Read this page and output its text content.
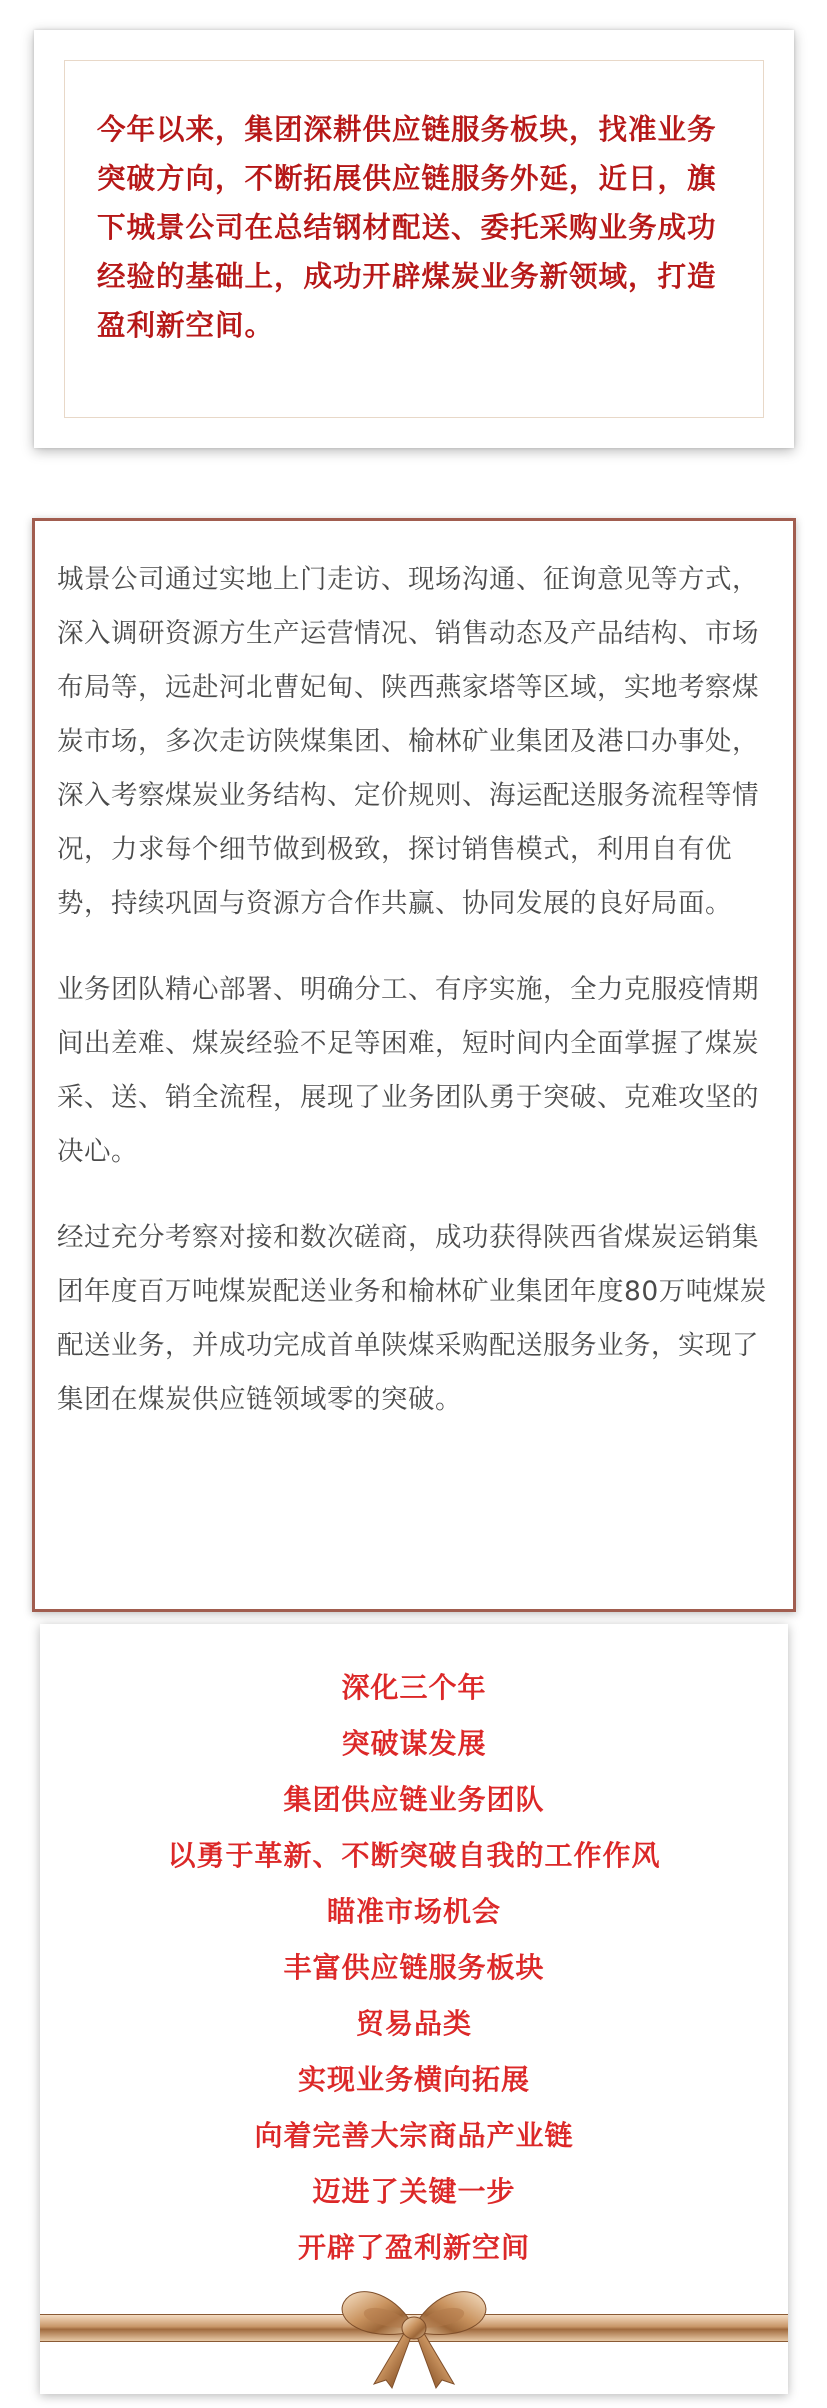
今年以来，集团深耕供应链服务板块，找准业务突破方向，不断拓展供应链服务外延，近日，旗下城景公司在总结钢材配送、委托采购业务成功经验的基础上，成功开辟煤炭业务新领域，打造盈利新空间。

城景公司通过实地上门走访、现场沟通、征询意见等方式，深入调研资源方生产运营情况、销售动态及产品结构、市场布局等，远赴河北曹妃甸、陕西燕家塔等区域，实地考察煤炭市场，多次走访陕煤集团、榆林矿业集团及港口办事处，深入考察煤炭业务结构、定价规则、海运配送服务流程等情况，力求每个细节做到极致，探讨销售模式，利用自有优势，持续巩固与资源方合作共赢、协同发展的良好局面。

业务团队精心部署、明确分工、有序实施，全力克服疫情期间出差难、煤炭经验不足等困难，短时间内全面掌握了煤炭采、送、销全流程，展现了业务团队勇于突破、克难攻坚的决心。

经过充分考察对接和数次磋商，成功获得陕西省煤炭运销集团年度百万吨煤炭配送业务和榆林矿业集团年度80万吨煤炭配送业务，并成功完成首单陕煤采购配送服务业务，实现了集团在煤炭供应链领域零的突破。

深化三个年
突破谋发展
集团供应链业务团队
以勇于革新、不断突破自我的工作作风
瞄准市场机会
丰富供应链服务板块
贸易品类
实现业务横向拓展
向着完善大宗商品产业链
迈进了关键一步
开辟了盈利新空间
